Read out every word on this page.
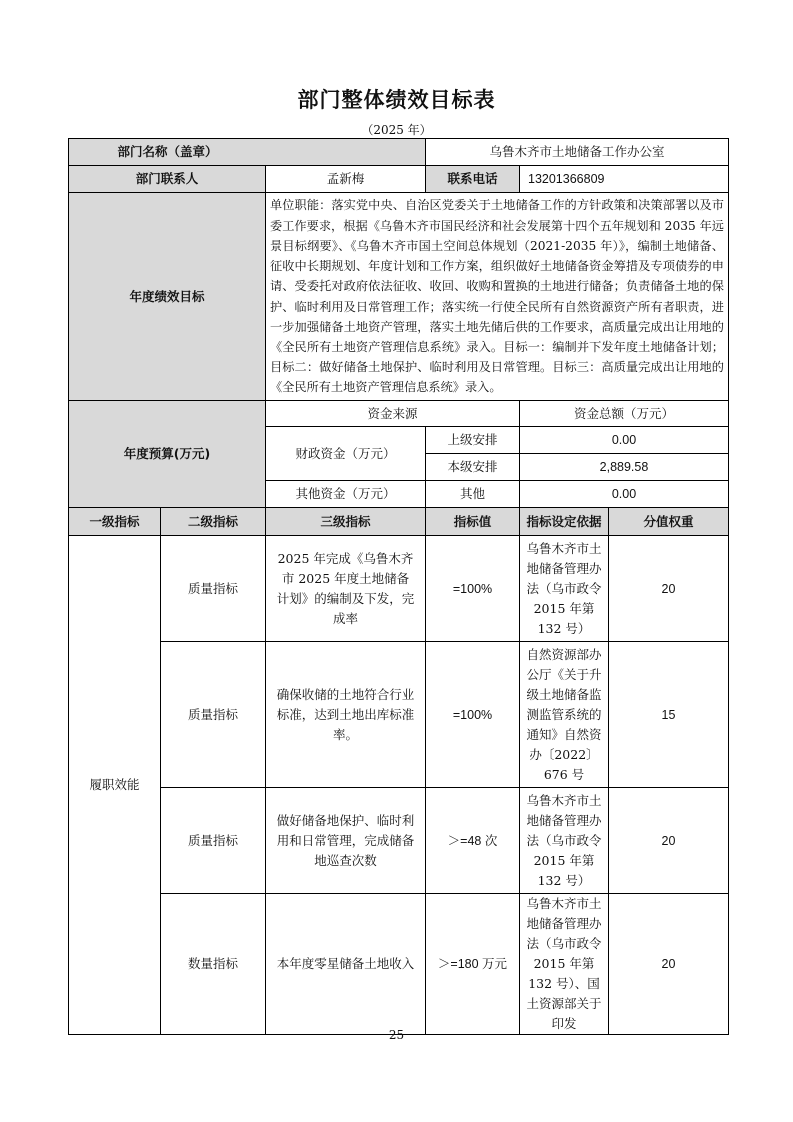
部门整体绩效目标表
（2025 年）
部门名称（盖章）			乌鲁木齐市土地储备工作办公室		
部门联系人		孟新梅	联系电话	13201366809	
年度绩效目标		单位职能：落实党中央、自治区党委关于土地储备工作的方针政策和决策部署以及市委工作要求，根据《乌鲁木齐市国民经济和社会发展第十四个五年规划和 2035 年远景目标纲要》、《乌鲁木齐市国土空间总体规划（2021-2035 年）》，编制土地储备、征收中长期规划、年度计划和工作方案，组织做好土地储备资金筹措及专项债券的申请、受委托对政府依法征收、收回、收购和置换的土地进行储备；负责储备土地的保护、临时利用及日常管理工作；落实统一行使全民所有自然资源资产所有者职责，进一步加强储备土地资产管理，落实土地先储后供的工作要求，高质量完成出让用地的《全民所有土地资产管理信息系统》录入。目标一：编制并下发年度土地储备计划；目标二：做好储备土地保护、临时利用及日常管理。目标三：高质量完成出让用地的《全民所有土地资产管理信息系统》录入。			
年度预算(万元)		资金来源		资金总额（万元）	
		财政资金（万元）	上级安排	0.00	
			本级安排	2,889.58	
		其他资金（万元）	其他	0.00	
一级指标	二级指标	三级指标	指标值	指标设定依据	分值权重
履职效能	质量指标	2025 年完成《乌鲁木齐市 2025 年度土地储备计划》的编制及下发，完成率	=100%	乌鲁木齐市土地储备管理办法（乌市政令 2015 年第 132 号）	20
	质量指标	确保收储的土地符合行业标准，达到土地出库标准率。	=100%	自然资源部办公厅《关于升级土地储备监测监管系统的通知》自然资办〔2022〕676 号	15
	质量指标	做好储备地保护、临时利用和日常管理，完成储备地巡查次数	＞=48 次	乌鲁木齐市土地储备管理办法（乌市政令 2015 年第 132 号）	20
	数量指标	本年度零星储备土地收入	＞=180 万元	乌鲁木齐市土地储备管理办法（乌市政令 2015 年第 132 号）、国土资源部关于印发	20
25
